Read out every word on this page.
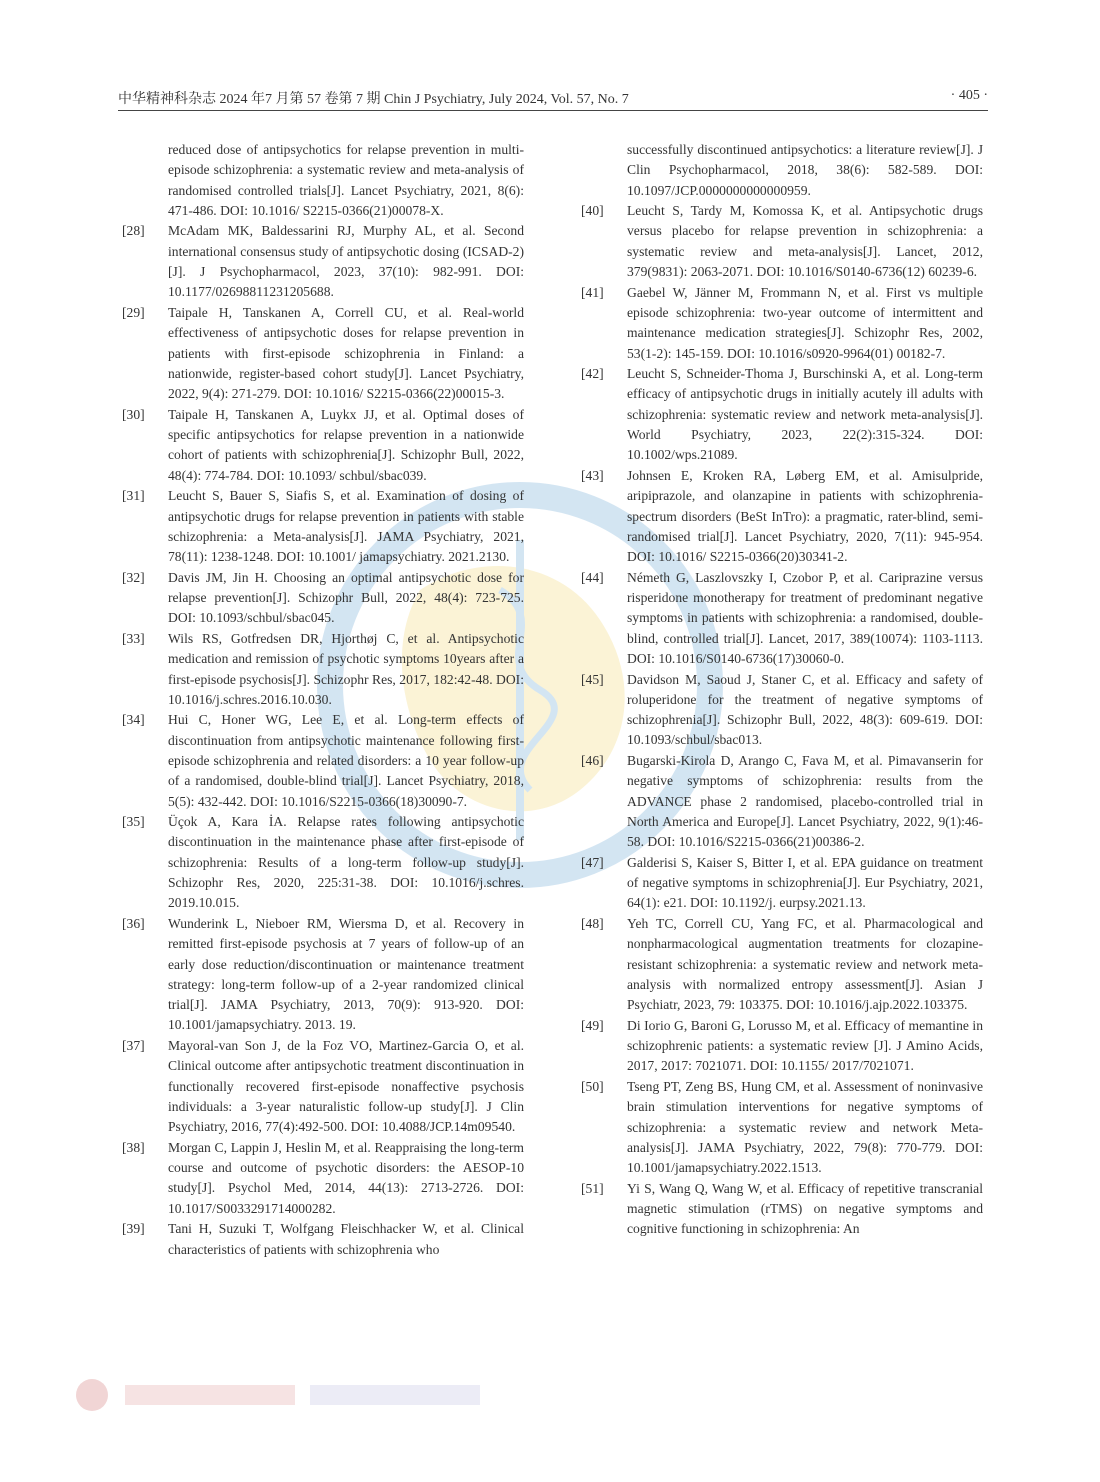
中华精神科杂志 2024 年7 月第 57 卷第 7 期 Chin J Psychiatry, July 2024, Vol. 57, No. 7	· 405 ·
reduced dose of antipsychotics for relapse prevention in multi-episode schizophrenia: a systematic review and meta-analysis of randomised controlled trials[J]. Lancet Psychiatry, 2021, 8(6): 471-486. DOI: 10.1016/ S2215-0366(21)00078-X.
[28] McAdam MK, Baldessarini RJ, Murphy AL, et al. Second international consensus study of antipsychotic dosing (ICSAD-2)[J]. J Psychopharmacol, 2023, 37(10): 982-991. DOI: 10.1177/02698811231205688.
[29] Taipale H, Tanskanen A, Correll CU, et al. Real-world effectiveness of antipsychotic doses for relapse prevention in patients with first-episode schizophrenia in Finland: a nationwide, register-based cohort study[J]. Lancet Psychiatry, 2022, 9(4): 271-279. DOI: 10.1016/ S2215-0366(22)00015-3.
[30] Taipale H, Tanskanen A, Luykx JJ, et al. Optimal doses of specific antipsychotics for relapse prevention in a nationwide cohort of patients with schizophrenia[J]. Schizophr Bull, 2022, 48(4): 774-784. DOI: 10.1093/ schbul/sbac039.
[31] Leucht S, Bauer S, Siafis S, et al. Examination of dosing of antipsychotic drugs for relapse prevention in patients with stable schizophrenia: a Meta-analysis[J]. JAMA Psychiatry, 2021, 78(11): 1238-1248. DOI: 10.1001/ jamapsychiatry. 2021.2130.
[32] Davis JM, Jin H. Choosing an optimal antipsychotic dose for relapse prevention[J]. Schizophr Bull, 2022, 48(4): 723-725. DOI: 10.1093/schbul/sbac045.
[33] Wils RS, Gotfredsen DR, Hjorthøj C, et al. Antipsychotic medication and remission of psychotic symptoms 10years after a first-episode psychosis[J]. Schizophr Res, 2017, 182:42-48. DOI: 10.1016/j.schres.2016.10.030.
[34] Hui C, Honer WG, Lee E, et al. Long-term effects of discontinuation from antipsychotic maintenance following first-episode schizophrenia and related disorders: a 10 year follow-up of a randomised, double-blind trial[J]. Lancet Psychiatry, 2018, 5(5): 432-442. DOI: 10.1016/S2215-0366(18)30090-7.
[35] Üçok A, Kara İA. Relapse rates following antipsychotic discontinuation in the maintenance phase after first-episode of schizophrenia: Results of a long-term follow-up study[J]. Schizophr Res, 2020, 225:31-38. DOI: 10.1016/j.schres. 2019.10.015.
[36] Wunderink L, Nieboer RM, Wiersma D, et al. Recovery in remitted first-episode psychosis at 7 years of follow-up of an early dose reduction/discontinuation or maintenance treatment strategy: long-term follow-up of a 2-year randomized clinical trial[J]. JAMA Psychiatry, 2013, 70(9): 913-920. DOI: 10.1001/jamapsychiatry. 2013. 19.
[37] Mayoral-van Son J, de la Foz VO, Martinez-Garcia O, et al. Clinical outcome after antipsychotic treatment discontinuation in functionally recovered first-episode nonaffective psychosis individuals: a 3-year naturalistic follow-up study[J]. J Clin Psychiatry, 2016, 77(4):492-500. DOI: 10.4088/JCP.14m09540.
[38] Morgan C, Lappin J, Heslin M, et al. Reappraising the long-term course and outcome of psychotic disorders: the AESOP-10 study[J]. Psychol Med, 2014, 44(13): 2713-2726. DOI: 10.1017/S0033291714000282.
[39] Tani H, Suzuki T, Wolfgang Fleischhacker W, et al. Clinical characteristics of patients with schizophrenia who
successfully discontinued antipsychotics: a literature review[J]. J Clin Psychopharmacol, 2018, 38(6): 582-589. DOI: 10.1097/JCP.0000000000000959.
[40] Leucht S, Tardy M, Komossa K, et al. Antipsychotic drugs versus placebo for relapse prevention in schizophrenia: a systematic review and meta-analysis[J]. Lancet, 2012, 379(9831): 2063-2071. DOI: 10.1016/S0140-6736(12) 60239-6.
[41] Gaebel W, Jänner M, Frommann N, et al. First vs multiple episode schizophrenia: two-year outcome of intermittent and maintenance medication strategies[J]. Schizophr Res, 2002, 53(1-2): 145-159. DOI: 10.1016/s0920-9964(01) 00182-7.
[42] Leucht S, Schneider-Thoma J, Burschinski A, et al. Long-term efficacy of antipsychotic drugs in initially acutely ill adults with schizophrenia: systematic review and network meta-analysis[J]. World Psychiatry, 2023, 22(2):315-324. DOI: 10.1002/wps.21089.
[43] Johnsen E, Kroken RA, Løberg EM, et al. Amisulpride, aripiprazole, and olanzapine in patients with schizophrenia-spectrum disorders (BeSt InTro): a pragmatic, rater-blind, semi-randomised trial[J]. Lancet Psychiatry, 2020, 7(11): 945-954. DOI: 10.1016/ S2215-0366(20)30341-2.
[44] Németh G, Laszlovszky I, Czobor P, et al. Cariprazine versus risperidone monotherapy for treatment of predominant negative symptoms in patients with schizophrenia: a randomised, double-blind, controlled trial[J]. Lancet, 2017, 389(10074): 1103-1113. DOI: 10.1016/S0140-6736(17)30060-0.
[45] Davidson M, Saoud J, Staner C, et al. Efficacy and safety of roluperidone for the treatment of negative symptoms of schizophrenia[J]. Schizophr Bull, 2022, 48(3): 609-619. DOI: 10.1093/schbul/sbac013.
[46] Bugarski-Kirola D, Arango C, Fava M, et al. Pimavanserin for negative symptoms of schizophrenia: results from the ADVANCE phase 2 randomised, placebo-controlled trial in North America and Europe[J]. Lancet Psychiatry, 2022, 9(1):46-58. DOI: 10.1016/S2215-0366(21)00386-2.
[47] Galderisi S, Kaiser S, Bitter I, et al. EPA guidance on treatment of negative symptoms in schizophrenia[J]. Eur Psychiatry, 2021, 64(1): e21. DOI: 10.1192/j. eurpsy.2021.13.
[48] Yeh TC, Correll CU, Yang FC, et al. Pharmacological and nonpharmacological augmentation treatments for clozapine-resistant schizophrenia: a systematic review and network meta-analysis with normalized entropy assessment[J]. Asian J Psychiatr, 2023, 79: 103375. DOI: 10.1016/j.ajp.2022.103375.
[49] Di Iorio G, Baroni G, Lorusso M, et al. Efficacy of memantine in schizophrenic patients: a systematic review [J]. J Amino Acids, 2017, 2017: 7021071. DOI: 10.1155/ 2017/7021071.
[50] Tseng PT, Zeng BS, Hung CM, et al. Assessment of noninvasive brain stimulation interventions for negative symptoms of schizophrenia: a systematic review and network Meta-analysis[J]. JAMA Psychiatry, 2022, 79(8): 770-779. DOI: 10.1001/jamapsychiatry.2022.1513.
[51] Yi S, Wang Q, Wang W, et al. Efficacy of repetitive transcranial magnetic stimulation (rTMS) on negative symptoms and cognitive functioning in schizophrenia: An
